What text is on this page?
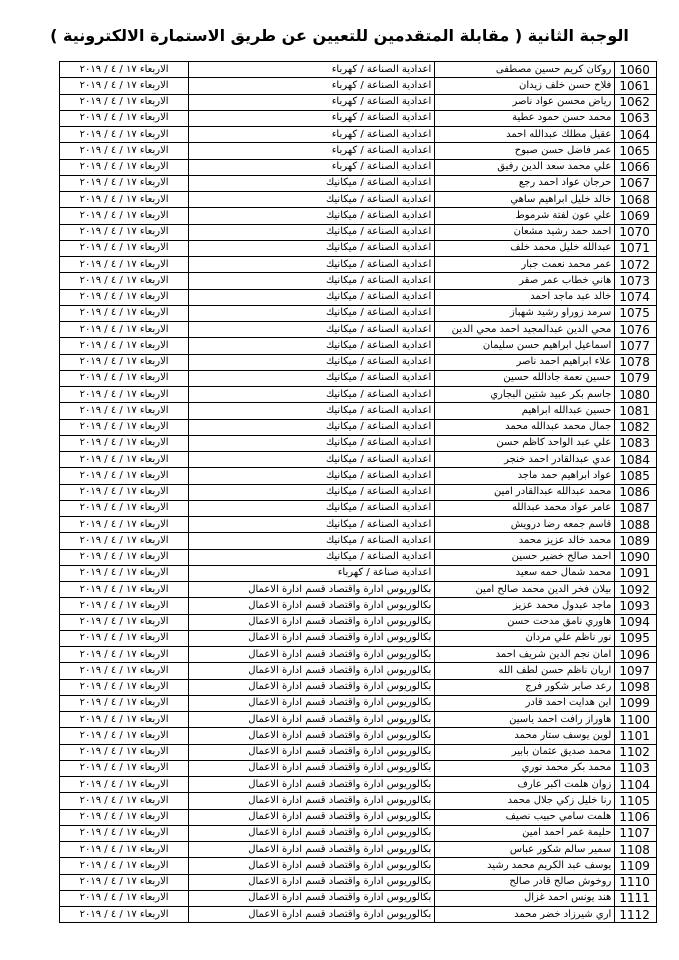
الوجبة الثانية ( مقابلة المتقدمين للتعيين عن طريق الاستمارة الالكترونية )
1060	روكان كريم حسين مصطفى	اعدادية الصناعة / كهرباء	الاربعاء ١٧ / ٤ / ٢٠١٩
1061	فلاح حسن خلف زيدان	اعدادية الصناعة / كهرباء	الاربعاء ١٧ / ٤ / ٢٠١٩
1062	رياض محسن عواد ناصر	اعدادية الصناعة / كهرباء	الاربعاء ١٧ / ٤ / ٢٠١٩
1063	محمد حسن حمود عطية	اعدادية الصناعة / كهرباء	الاربعاء ١٧ / ٤ / ٢٠١٩
1064	عقيل مطلك عبدالله احمد	اعدادية الصناعة / كهرباء	الاربعاء ١٧ / ٤ / ٢٠١٩
1065	عمر فاضل حسن صبوح	اعدادية الصناعة / كهرباء	الاربعاء ١٧ / ٤ / ٢٠١٩
1066	علي محمد سعد الدين رفيق	اعدادية الصناعة / كهرباء	الاربعاء ١٧ / ٤ / ٢٠١٩
1067	حرجان عواد احمد رجع	اعدادية الصناعة / ميكانيك	الاربعاء ١٧ / ٤ / ٢٠١٩
1068	خالد خليل ابراهيم ساهي	اعدادية الصناعة / ميكانيك	الاربعاء ١٧ / ٤ / ٢٠١٩
1069	علي عون لفتة شرموط	اعدادية الصناعة / ميكانيك	الاربعاء ١٧ / ٤ / ٢٠١٩
1070	احمد حمد رشيد مشعان	اعدادية الصناعة / ميكانيك	الاربعاء ١٧ / ٤ / ٢٠١٩
1071	عبدالله خليل محمد خلف	اعدادية الصناعة / ميكانيك	الاربعاء ١٧ / ٤ / ٢٠١٩
1072	عمر محمد نعمت جبار	اعدادية الصناعة / ميكانيك	الاربعاء ١٧ / ٤ / ٢٠١٩
1073	هاني خطاب عمر صقر	اعدادية الصناعة / ميكانيك	الاربعاء ١٧ / ٤ / ٢٠١٩
1074	خالد عبد ماجد احمد	اعدادية الصناعة / ميكانيك	الاربعاء ١٧ / ٤ / ٢٠١٩
1075	سرمد زوراو رشيد شهباز	اعدادية الصناعة / ميكانيك	الاربعاء ١٧ / ٤ / ٢٠١٩
1076	محي الدين عبدالمجيد احمد محي الدين	اعدادية الصناعة / ميكانيك	الاربعاء ١٧ / ٤ / ٢٠١٩
1077	اسماعيل ابراهيم حسن سليمان	اعدادية الصناعة / ميكانيك	الاربعاء ١٧ / ٤ / ٢٠١٩
1078	علاء ابراهيم احمد ناصر	اعدادية الصناعة / ميكانيك	الاربعاء ١٧ / ٤ / ٢٠١٩
1079	حسين نعمة جادالله حسين	اعدادية الصناعة / ميكانيك	الاربعاء ١٧ / ٤ / ٢٠١٩
1080	جاسم بكر عبيد شتين البجاري	اعدادية الصناعة / ميكانيك	الاربعاء ١٧ / ٤ / ٢٠١٩
1081	حسين عبدالله ابراهيم	اعدادية الصناعة / ميكانيك	الاربعاء ١٧ / ٤ / ٢٠١٩
1082	جمال محمد عبدالله محمد	اعدادية الصناعة / ميكانيك	الاربعاء ١٧ / ٤ / ٢٠١٩
1083	علي عبد الواحد كاظم حسن	اعدادية الصناعة / ميكانيك	الاربعاء ١٧ / ٤ / ٢٠١٩
1084	عدي عبدالقادر احمد خنجر	اعدادية الصناعة / ميكانيك	الاربعاء ١٧ / ٤ / ٢٠١٩
1085	عواد ابراهيم حمد ماجد	اعدادية الصناعة / ميكانيك	الاربعاء ١٧ / ٤ / ٢٠١٩
1086	محمد عبدالله عبدالقادر امين	اعدادية الصناعة / ميكانيك	الاربعاء ١٧ / ٤ / ٢٠١٩
1087	عامر عواد محمد عبدالله	اعدادية الصناعة / ميكانيك	الاربعاء ١٧ / ٤ / ٢٠١٩
1088	قاسم جمعه رضا درويش	اعدادية الصناعة / ميكانيك	الاربعاء ١٧ / ٤ / ٢٠١٩
1089	محمد خالد عزيز محمد	اعدادية الصناعة / ميكانيك	الاربعاء ١٧ / ٤ / ٢٠١٩
1090	احمد صالح خضير حسين	اعدادية الصناعة / ميكانيك	الاربعاء ١٧ / ٤ / ٢٠١٩
1091	محمد شمال حمه سعيد	اعدادية صناعة / كهرباء	الاربعاء ١٧ / ٤ / ٢٠١٩
1092	بيلان فخر الدين محمد صالح امين	بكالوريوس ادارة واقتصاد قسم ادارة الاعمال	الاربعاء ١٧ / ٤ / ٢٠١٩
1093	ماجد عبدول محمد عزيز	بكالوريوس ادارة واقتصاد قسم ادارة الاعمال	الاربعاء ١٧ / ٤ / ٢٠١٩
1094	هاوري نامق مدحت حسن	بكالوريوس ادارة واقتصاد قسم ادارة الاعمال	الاربعاء ١٧ / ٤ / ٢٠١٩
1095	نور ناظم علي مردان	بكالوريوس ادارة واقتصاد قسم ادارة الاعمال	الاربعاء ١٧ / ٤ / ٢٠١٩
1096	امان نجم الدين شريف احمد	بكالوريوس ادارة واقتصاد قسم ادارة الاعمال	الاربعاء ١٧ / ٤ / ٢٠١٩
1097	اريان ناظم حسن لطف الله	بكالوريوس ادارة واقتصاد قسم ادارة الاعمال	الاربعاء ١٧ / ٤ / ٢٠١٩
1098	رعد صابر شكور فرج	بكالوريوس ادارة واقتصاد قسم ادارة الاعمال	الاربعاء ١٧ / ٤ / ٢٠١٩
1099	اين هدايت احمد قادر	بكالوريوس ادارة واقتصاد قسم ادارة الاعمال	الاربعاء ١٧ / ٤ / ٢٠١٩
1100	هاوراز رافت احمد ياسين	بكالوريوس ادارة واقتصاد قسم ادارة الاعمال	الاربعاء ١٧ / ٤ / ٢٠١٩
1101	لوين يوسف ستار محمد	بكالوريوس ادارة واقتصاد قسم ادارة الاعمال	الاربعاء ١٧ / ٤ / ٢٠١٩
1102	محمد صديق عثمان بابير	بكالوريوس ادارة واقتصاد قسم ادارة الاعمال	الاربعاء ١٧ / ٤ / ٢٠١٩
1103	محمد بكر محمد نوري	بكالوريوس ادارة واقتصاد قسم ادارة الاعمال	الاربعاء ١٧ / ٤ / ٢٠١٩
1104	زوان هلمت اكبر عارف	بكالوريوس ادارة واقتصاد قسم ادارة الاعمال	الاربعاء ١٧ / ٤ / ٢٠١٩
1105	رنا خليل زكي جلال محمد	بكالوريوس ادارة واقتصاد قسم ادارة الاعمال	الاربعاء ١٧ / ٤ / ٢٠١٩
1106	هلمت سامي حبيب نصيف	بكالوريوس ادارة واقتصاد قسم ادارة الاعمال	الاربعاء ١٧ / ٤ / ٢٠١٩
1107	حليمة عمر احمد امين	بكالوريوس ادارة واقتصاد قسم ادارة الاعمال	الاربعاء ١٧ / ٤ / ٢٠١٩
1108	سمير سالم شكور عباس	بكالوريوس ادارة واقتصاد قسم ادارة الاعمال	الاربعاء ١٧ / ٤ / ٢٠١٩
1109	يوسف عبد الكريم محمد رشيد	بكالوريوس ادارة واقتصاد قسم ادارة الاعمال	الاربعاء ١٧ / ٤ / ٢٠١٩
1110	روخوش صالح قادر صالح	بكالوريوس ادارة واقتصاد قسم ادارة الاعمال	الاربعاء ١٧ / ٤ / ٢٠١٩
1111	هند يونس احمد غزال	بكالوريوس ادارة واقتصاد قسم ادارة الاعمال	الاربعاء ١٧ / ٤ / ٢٠١٩
1112	اري شيرزاد خضر محمد	بكالوريوس ادارة واقتصاد قسم ادارة الاعمال	الاربعاء ١٧ / ٤ / ٢٠١٩
